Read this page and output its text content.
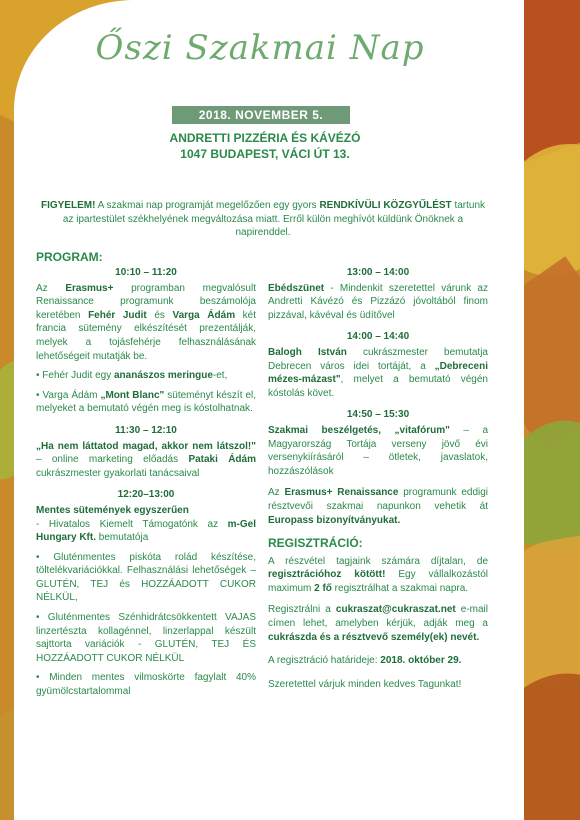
Őszi Szakmai Nap
2018. NOVEMBER 5.
ANDRETTI PIZZÉRIA ÉS KÁVÉZÓ
1047 BUDAPEST, VÁCI ÚT 13.
FIGYELEM! A szakmai nap programját megelőzően egy gyors RENDKÍVÜLI KÖZGYŰLÉST tartunk az ipartestület székhelyének megváltozása miatt. Erről külön meghívót küldünk Önöknek a napirenddel.
PROGRAM:
10:10 – 11:20

Az Erasmus+ programban megvalósult Renaissance programunk beszámolója keretében Fehér Judit és Varga Ádám két francia sütemény elkészítését prezentálják, melyek a tojásfehérje felhasználásának lehetőségeit mutatják be.

• Fehér Judit egy ananászos meringue-et,

• Varga Ádám „Mont Blanc" süteményt készít el, melyeket a bemutató végén meg is kóstolhatnak.

11:30 – 12:10

„Ha nem láttatod magad, akkor nem látszol!" – online marketing előadás Pataki Ádám cukrászmester gyakorlati tanácsaival

12:20–13:00

Mentes sütemények egyszerűen

- Hivatalos Kiemelt Támogatónk az m-Gel Hungary Kft. bemutatója

• Gluténmentes piskóta rolád készítése, töltelékvariációkkal. Felhasználási lehetőségek – GLUTÉN, TEJ és HOZZÁADOTT CUKOR NÉLKÜL,

• Gluténmentes Szénhidrátcsökkentett VAJAS linzertészta kollagénnel, linzerlappal készült sajttorta variációk - GLUTÉN, TEJ ÉS HOZZÁADOTT CUKOR NÉLKÜL

• Minden mentes vilmoskörte fagylalt 40% gyümölcstartalommal

13:00 – 14:00

Ebédszünet - Mindenkit szeretettel várunk az Andretti Kávézó és Pizzázó jóvoltából finom pizzával, kávéval és üdítővel

14:00 – 14:40

Balogh István cukrászmester bemutatja Debrecen város idei tortáját, a „Debreceni mézes-mázast", melyet a bemutató végén kóstolás követ.

14:50 – 15:30

Szakmai beszélgetés, „vitafórum" – a Magyarország Tortája verseny jövő évi versenykiírásáról – ötletek, javaslatok, hozzászólások

Az Erasmus+ Renaissance programunk eddigi résztvevői szakmai napunkon vehetik át Europass bizonyítványukat.

REGISZTRÁCIÓ:

A részvétel tagjaink számára díjtalan, de regisztrációhoz kötött! Egy vállalkozástól maximum 2 fő regisztrálhat a szakmai napra.

Regisztrálni a cukraszat@cukraszat.net e-mail címen lehet, amelyben kérjük, adják meg a cukrászda és a résztvevő személy(ek) nevét.

A regisztráció határideje: 2018. október 29.

Szeretettel várjuk minden kedves Tagunkat!
